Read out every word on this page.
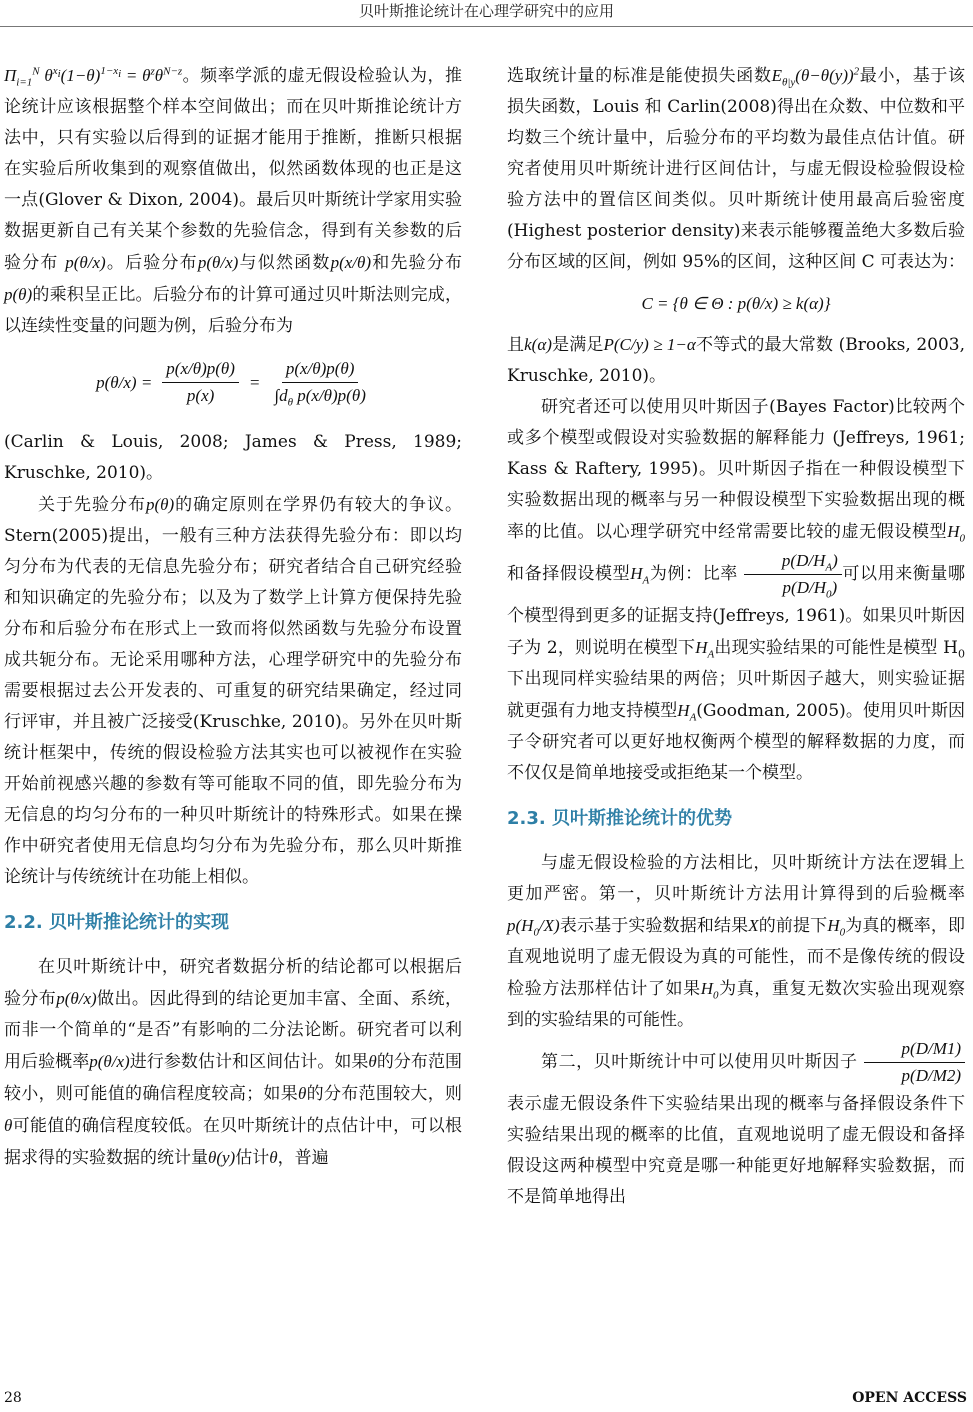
贝叶斯推论统计在心理学研究中的应用

$\Pi_{i=1}^N$ $\theta^{x_i}(1-\theta)^{1-x_i} = \theta^z\theta^{N-z}$。频率学派的虚无假设检验认为，推论统计应该根据整个样本空间做出；而在贝叶斯推论统计方法中，只有实验以后得到的证据才能用于推断，推断只根据在实验后所收集到的观察值做出，似然函数体现的也正是这一点(Glover & Dixon, 2004)。最后贝叶斯统计学家用实验数据更新自己有关某个参数的先验信念，得到有关参数的后验分布 p(θ/x)。后验分布p(θ/x)与似然函数p(x/θ)和先验分布p(θ)的乘积呈正比。后验分布的计算可通过贝叶斯法则完成，以连续性变量的问题为例，后验分布为

$p(\theta/x) = \frac{p(x/\theta)p(\theta)}{p(x)} = \frac{p(x/\theta)p(\theta)}{\int d_\theta p(x/\theta)p(\theta)}$

(Carlin & Louis, 2008; James & Press, 1989; Kruschke, 2010)。

关于先验分布p(θ)的确定原则在学界仍有较大的争议。Stern(2005)提出，一般有三种方法获得先验分布：即以均匀分布为代表的无信息先验分布；研究者结合自己研究经验和知识确定的先验分布；以及为了数学上计算方便保持先验分布和后验分布在形式上一致而将似然函数与先验分布设置成共轭分布。无论采用哪种方法，心理学研究中的先验分布需要根据过去公开发表的、可重复的研究结果确定，经过同行评审，并且被广泛接受(Kruschke, 2010)。另外在贝叶斯统计框架中，传统的假设检验方法其实也可以被视作在实验开始前视感兴趣的参数有等可能取不同的值，即先验分布为无信息的均匀分布的一种贝叶斯统计的特殊形式。如果在操作中研究者使用无信息均匀分布为先验分布，那么贝叶斯推论统计与传统统计在功能上相似。

2.2. 贝叶斯推论统计的实现

在贝叶斯统计中，研究者数据分析的结论都可以根据后验分布p(θ/x)做出。因此得到的结论更加丰富、全面、系统，而非一个简单的“是否”有影响的二分法论断。研究者可以利用后验概率p(θ/x)进行参数估计和区间估计。如果θ的分布范围较小，则可能值的确信程度较高；如果θ的分布范围较大，则θ可能值的确信程度较低。在贝叶斯统计的点估计中，可以根据求得的实验数据的统计量θ(y)估计θ，普遍

选取统计量的标准是能使损失函数$E_{\theta|y}(\theta-\theta(y))^2$最小，基于该损失函数，Louis 和 Carlin(2008)得出在众数、中位数和平均数三个统计量中，后验分布的平均数为最佳点估计值。研究者使用贝叶斯统计进行区间估计，与虚无假设检验假设检验方法中的置信区间类似。贝叶斯统计使用最高后验密度(Highest posterior density)来表示能够覆盖绝大多数后验分布区域的区间，例如 95%的区间，这种区间 C 可表达为：

C = {θ ∈ Θ : p(θ/x) ≥ k(α)}

且k(α)是满足P(C/y) ≥ 1−α不等式的最大常数 (Brooks, 2003, Kruschke, 2010)。

研究者还可以使用贝叶斯因子(Bayes Factor)比较两个或多个模型或假设对实验数据的解释能力 (Jeffreys, 1961; Kass & Raftery, 1995)。贝叶斯因子指在一种假设模型下实验数据出现的概率与另一种假设模型下实验数据出现的概率的比值。以心理学研究中经常需要比较的虚无假设模型$H_0$和备择假设模型$H_A$为例：比率 $\frac{p(D/H_A)}{p(D/H_0)}$ 可以用来衡量哪个模型得到更多的证据支持(Jeffreys, 1961)。如果贝叶斯因子为 2，则说明在模型下$H_A$出现实验结果的可能性是模型 $H_0$下出现同样实验结果的两倍；贝叶斯因子越大，则实验证据就更强有力地支持模型$H_A(Goodman$, 2005)。使用贝叶斯因子令研究者可以更好地权衡两个模型的解释数据的力度，而不仅仅是简单地接受或拒绝某一个模型。

2.3. 贝叶斯推论统计的优势

与虚无假设检验的方法相比，贝叶斯统计方法在逻辑上更加严密。第一，贝叶斯统计方法用计算得到的后验概率$p(H_0/X)$表示基于实验数据和结果X的前提下$H_0$为真的概率，即直观地说明了虚无假设为真的可能性，而不是像传统的假设检验方法那样估计了如果$H_0$为真，重复无数次实验出现观察到的实验结果的可能性。

第二，贝叶斯统计中可以使用贝叶斯因子 $\frac{p(D/M1)}{p(D/M2)}$
表示虚无假设条件下实验结果出现的概率与备择假设条件下实验结果出现的概率的比值，直观地说明了虚无假设和备择假设这两种模型中究竟是哪一种能更好地解释实验数据，而不是简单地得出

28	OPEN ACCESS
